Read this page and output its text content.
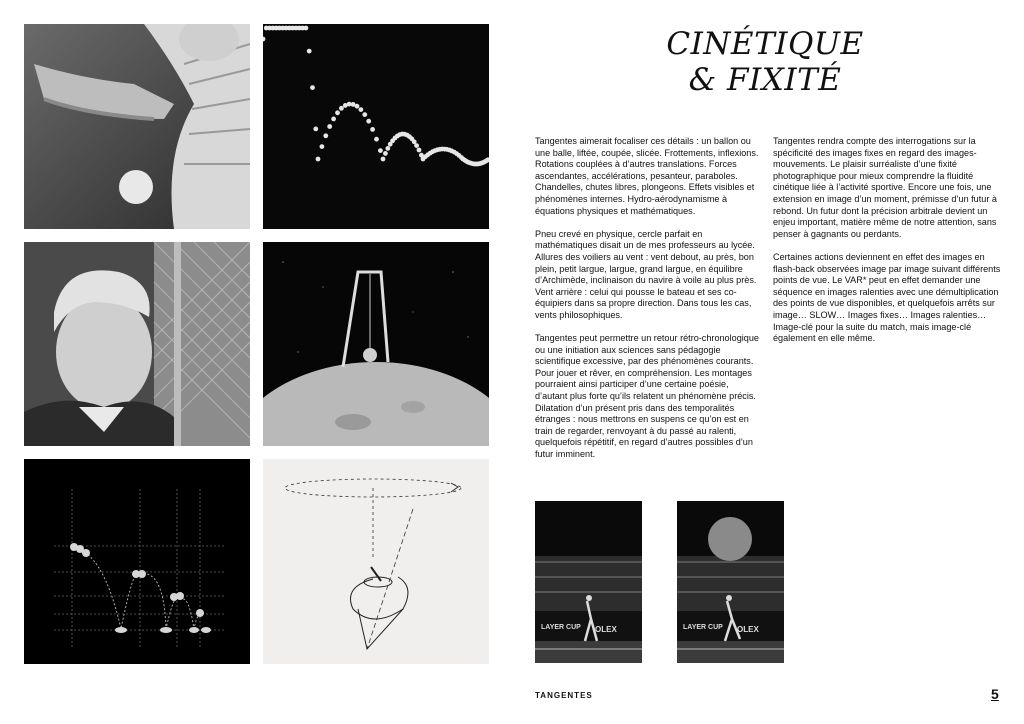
CINÉTIQUE
& FIXITÉ

Tangentes aimerait focaliser ces détails : un ballon ou une balle, liftée, coupée, slicée. Frottements, inflexions. Rotations couplées à d’autres translations. Forces ascendantes, accélérations, pesanteur, paraboles. Chandelles, chutes libres, plongeons. Effets visibles et phénomènes internes. Hydro-aérodynamisme à équations physiques et mathématiques.

Pneu crevé en physique, cercle parfait en mathématiques disait un de mes professeurs au lycée. Allures des voiliers au vent : vent debout, au près, bon plein, petit largue, largue, grand largue, en équilibre d’Archimède, inclinaison du navire à voile au plus près. Vent arrière : celui qui pousse le bateau et ses co-équipiers dans sa propre direction. Dans tous les cas, vents philosophiques.

Tangentes peut permettre un retour rétro-chronologique ou une initiation aux sciences sans pédagogie scientifique excessive, par des phénomènes courants. Pour jouer et rêver, en compréhension. Les montages pourraient ainsi participer d’une certaine poésie, d’autant plus forte qu’ils relatent un phénomène précis. Dilatation d’un présent pris dans des temporalités étranges : nous mettrons en suspens ce qu’on est en train de regarder, renvoyant à du passé au ralenti, quelquefois répétitif, en regard d’autres possibles d’un futur imminent.

Tangentes rendra compte des interrogations sur la spécificité des images fixes en regard des images-mouvements. Le plaisir surréaliste d’une fixité photographique pour mieux comprendre la fluidité cinétique liée à l’activité sportive. Encore une fois, une extension en image d’un moment, prémisse d’un futur à rebond. Un futur dont la précision arbitrale devient un enjeu important, matière même de notre attention, sans penser à gagnants ou perdants.

Certaines actions deviennent en effet des images en flash-back observées image par image suivant différents points de vue. Le VAR* peut en effet demander une séquence en images ralenties avec une démultiplication des points de vue disponibles, et quelquefois arrêts sur image… SLOW… Images fixes… Images ralenties… Image-clé pour la suite du match, mais image-clé également en elle même.

LAYER CUP OLEX	LAYER CUP OLEX
TANGENTES	5
